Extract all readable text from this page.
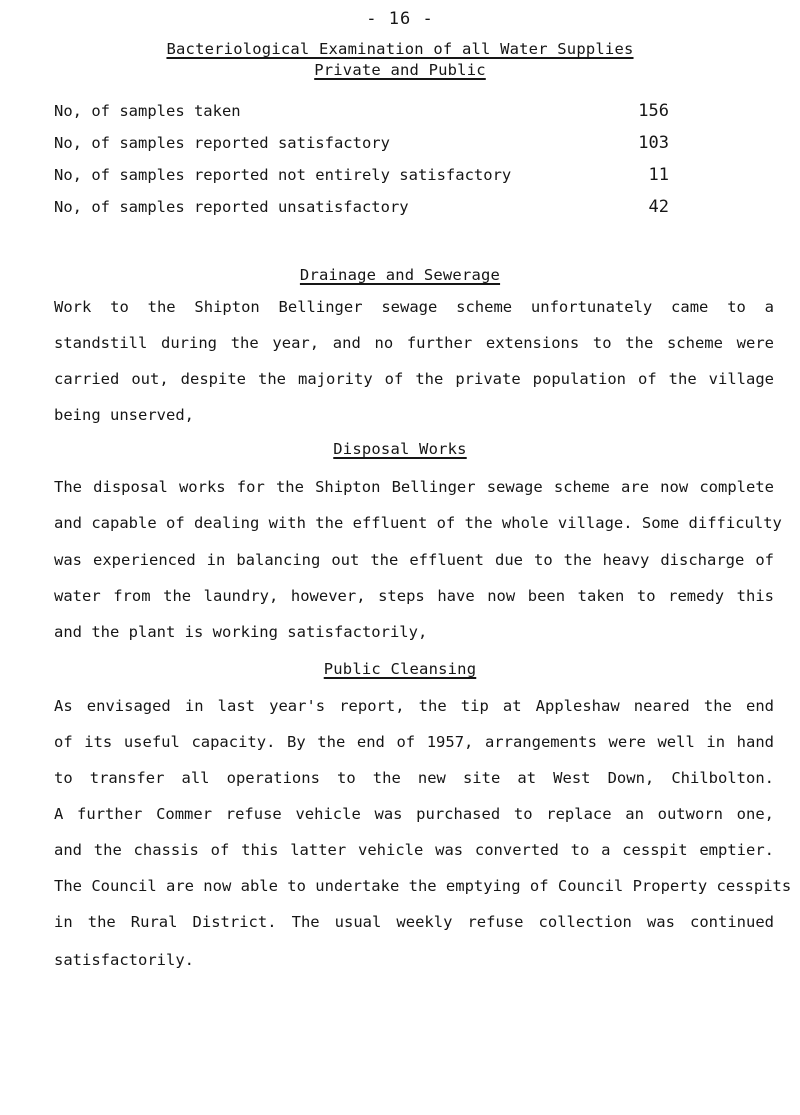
- 16 -
Bacteriological Examination of all Water Supplies
Private and Public
No, of samples taken	156
No, of samples reported satisfactory	103
No, of samples reported not entirely satisfactory	11
No, of samples reported unsatisfactory	42
Drainage and Sewerage
Work to the Shipton Bellinger sewage scheme unfortunately came to a
standstill during the year, and no further extensions to the scheme were
carried out, despite the majority of the private population of the village
being unserved,
Disposal Works
The disposal works for the Shipton Bellinger sewage scheme are now complete
and capable of dealing with the effluent of the whole village. Some difficulty
was experienced in balancing out the effluent due to the heavy discharge of
water from the laundry, however, steps have now been taken to remedy this
and the plant is working satisfactorily,
Public Cleansing
As envisaged in last year's report, the tip at Appleshaw neared the end
of its useful capacity. By the end of 1957, arrangements were well in hand
to transfer all operations to the new site at West Down, Chilbolton.
A further Commer refuse vehicle was purchased to replace an outworn one,
and the chassis of this latter vehicle was converted to a cesspit emptier.
The Council are now able to undertake the emptying of Council Property cesspits
in the Rural District. The usual weekly refuse collection was continued
satisfactorily.
